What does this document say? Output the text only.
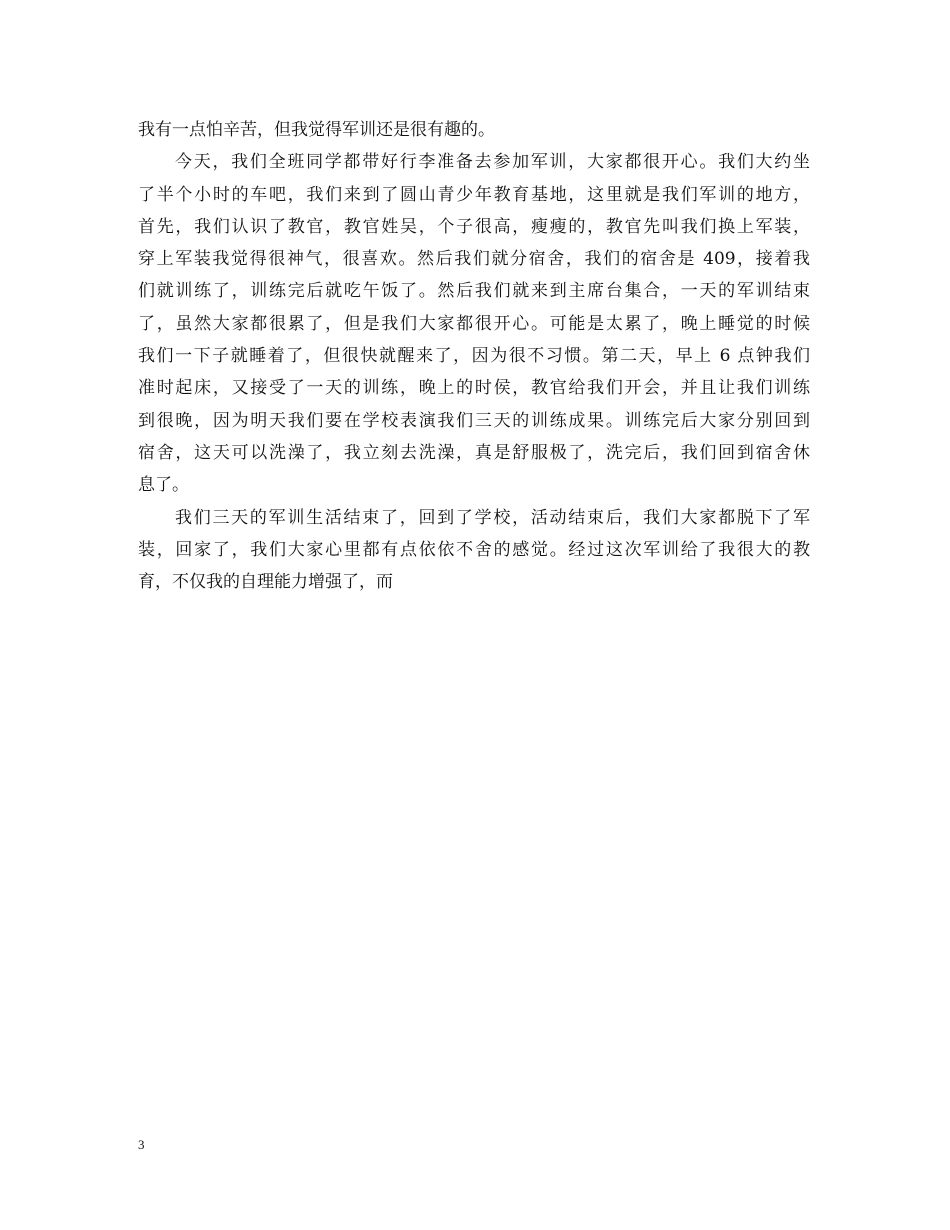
我有一点怕辛苦，但我觉得军训还是很有趣的。
今天，我们全班同学都带好行李准备去参加军训，大家都很开心。我们大约坐
了半个小时的车吧，我们来到了圆山青少年教育基地，这里就是我们军训的地方，
首先，我们认识了教官，教官姓吴，个子很高，瘦瘦的，教官先叫我们换上军装，
穿上军装我觉得很神气，很喜欢。然后我们就分宿舍，我们的宿舍是 409，接着我
们就训练了，训练完后就吃午饭了。然后我们就来到主席台集合，一天的军训结束
了，虽然大家都很累了，但是我们大家都很开心。可能是太累了，晚上睡觉的时候
我们一下子就睡着了，但很快就醒来了，因为很不习惯。第二天，早上 6 点钟我们
准时起床，又接受了一天的训练，晚上的时侯，教官给我们开会，并且让我们训练
到很晚，因为明天我们要在学校表演我们三天的训练成果。训练完后大家分别回到
宿舍，这天可以洗澡了，我立刻去洗澡，真是舒服极了，洗完后，我们回到宿舍休
息了。
我们三天的军训生活结束了，回到了学校，活动结束后，我们大家都脱下了军
装，回家了，我们大家心里都有点依依不舍的感觉。经过这次军训给了我很大的教
育，不仅我的自理能力增强了，而
3
